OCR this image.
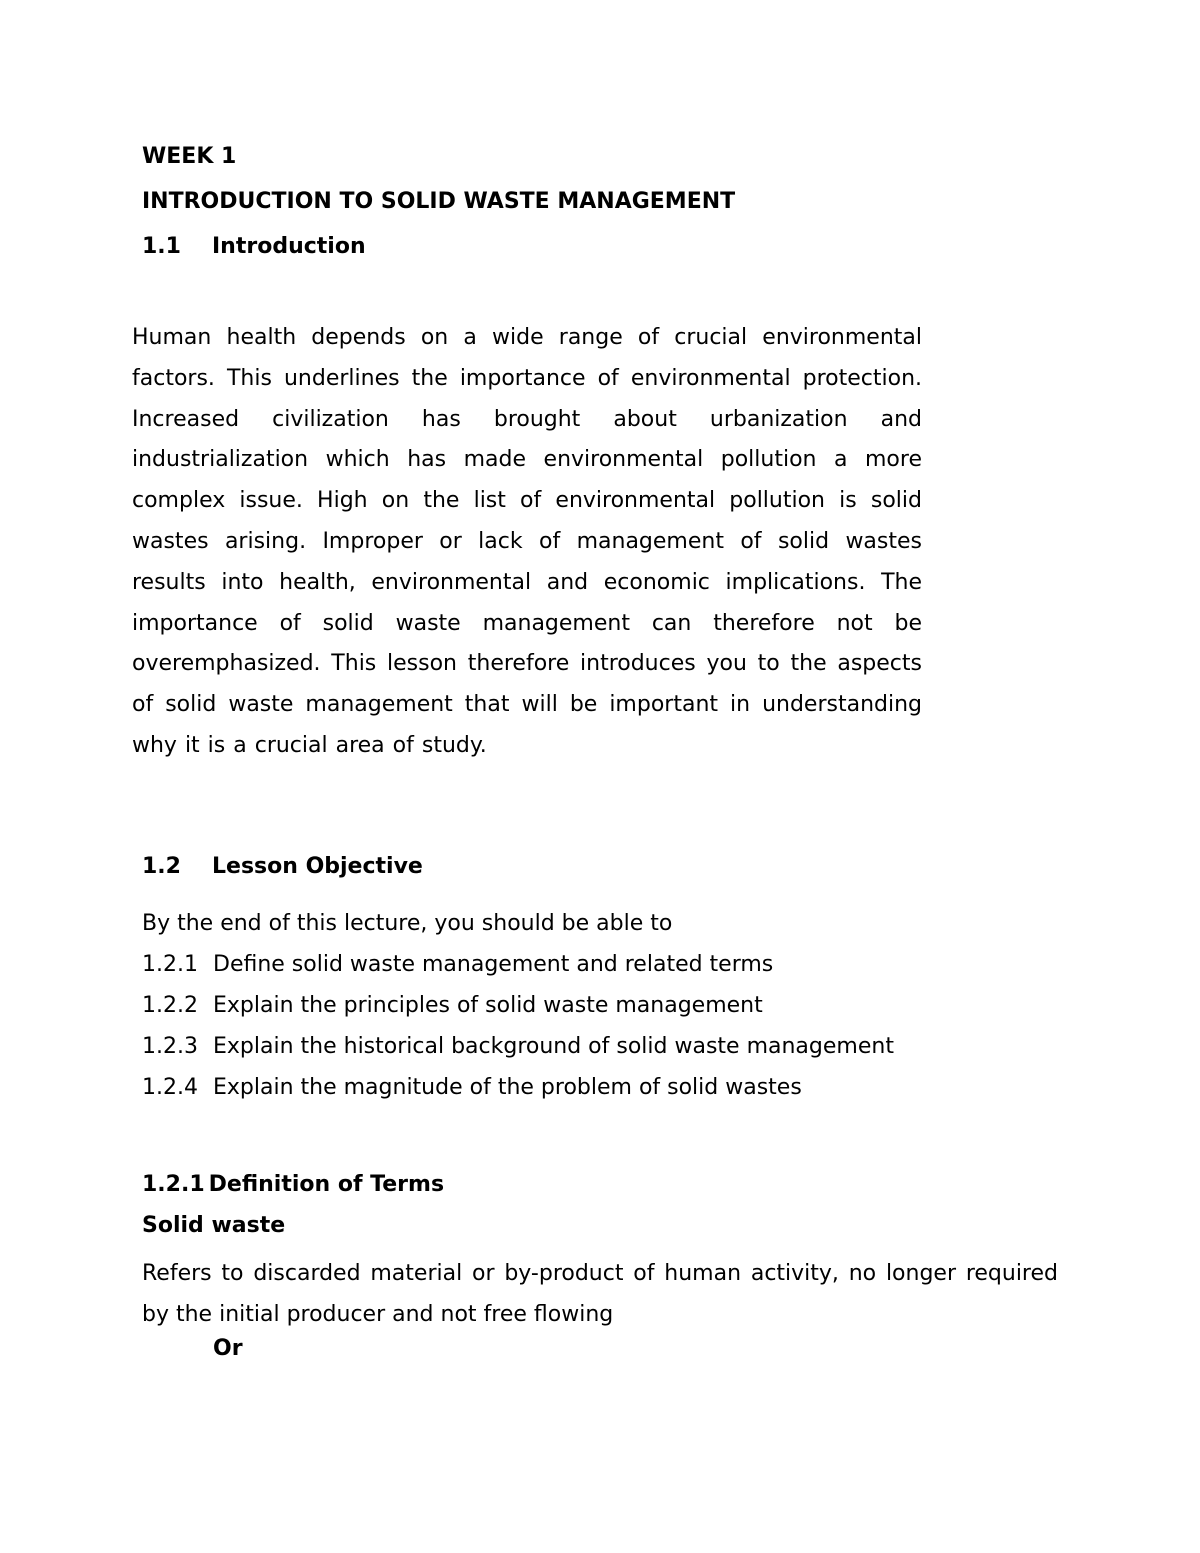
WEEK 1
INTRODUCTION TO SOLID WASTE MANAGEMENT
1.1 Introduction
Human health depends on a wide range of crucial environmental factors. This underlines the importance of environmental protection. Increased civilization has brought about urbanization and industrialization which has made environmental pollution a more complex issue. High on the list of environmental pollution is solid wastes arising. Improper or lack of management of solid wastes results into health, environmental and economic implications. The importance of solid waste management can therefore not be overemphasized. This lesson therefore introduces you to the aspects of solid waste management that will be important in understanding why it is a crucial area of study.
1.2 Lesson Objective
By the end of this lecture, you should be able to
1.2.1 Define solid waste management and related terms
1.2.2 Explain the principles of solid waste management
1.2.3 Explain the historical background of solid waste management
1.2.4 Explain the magnitude of the problem of solid wastes
1.2.1 Definition of Terms
Solid waste
Refers to discarded material or by-product of human activity, no longer required by the initial producer and not free flowing
Or
